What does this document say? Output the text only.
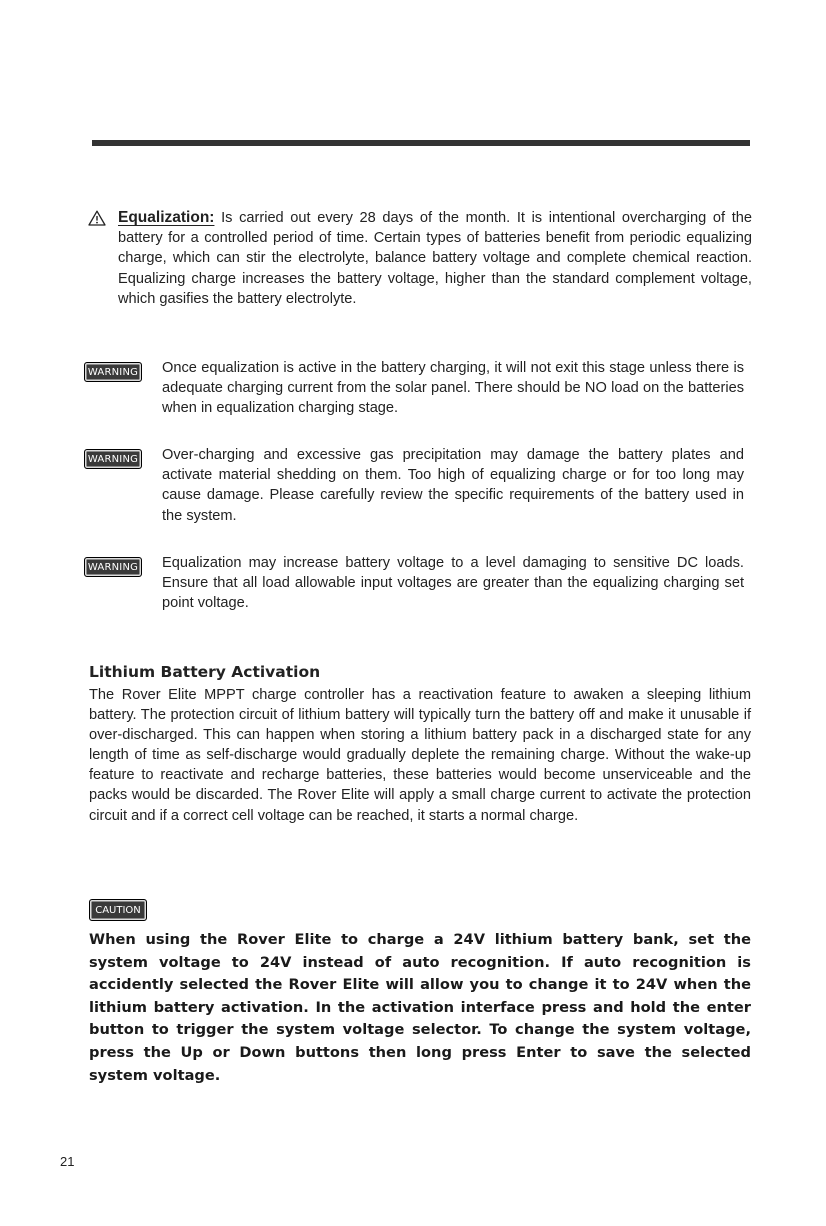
Equalization: Is carried out every 28 days of the month. It is intentional overcharging of the battery for a controlled period of time. Certain types of batteries benefit from periodic equalizing charge, which can stir the electrolyte, balance battery voltage and complete chemical reaction. Equalizing charge increases the battery voltage, higher than the standard complement voltage, which gasifies the battery electrolyte.
WARNING Once equalization is active in the battery charging, it will not exit this stage unless there is adequate charging current from the solar panel. There should be NO load on the batteries when in equalization charging stage.
WARNING Over-charging and excessive gas precipitation may damage the battery plates and activate material shedding on them. Too high of equalizing charge or for too long may cause damage. Please carefully review the specific requirements of the battery used in the system.
WARNING Equalization may increase battery voltage to a level damaging to sensitive DC loads. Ensure that all load allowable input voltages are greater than the equalizing charging set point voltage.
Lithium Battery Activation
The Rover Elite MPPT charge controller has a reactivation feature to awaken a sleeping lithium battery. The protection circuit of lithium battery will typically turn the battery off and make it unusable if over-discharged. This can happen when storing a lithium battery pack in a discharged state for any length of time as self-discharge would gradually deplete the remaining charge. Without the wake-up feature to reactivate and recharge batteries, these batteries would become unserviceable and the packs would be discarded. The Rover Elite will apply a small charge current to activate the protection circuit and if a correct cell voltage can be reached, it starts a normal charge.
CAUTION
When using the Rover Elite to charge a 24V lithium battery bank, set the system voltage to 24V instead of auto recognition. If auto recognition is accidently selected the Rover Elite will allow you to change it to 24V when the lithium battery activation. In the activation interface press and hold the enter button to trigger the system voltage selector. To change the system voltage, press the Up or Down buttons then long press Enter to save the selected system voltage.
21
